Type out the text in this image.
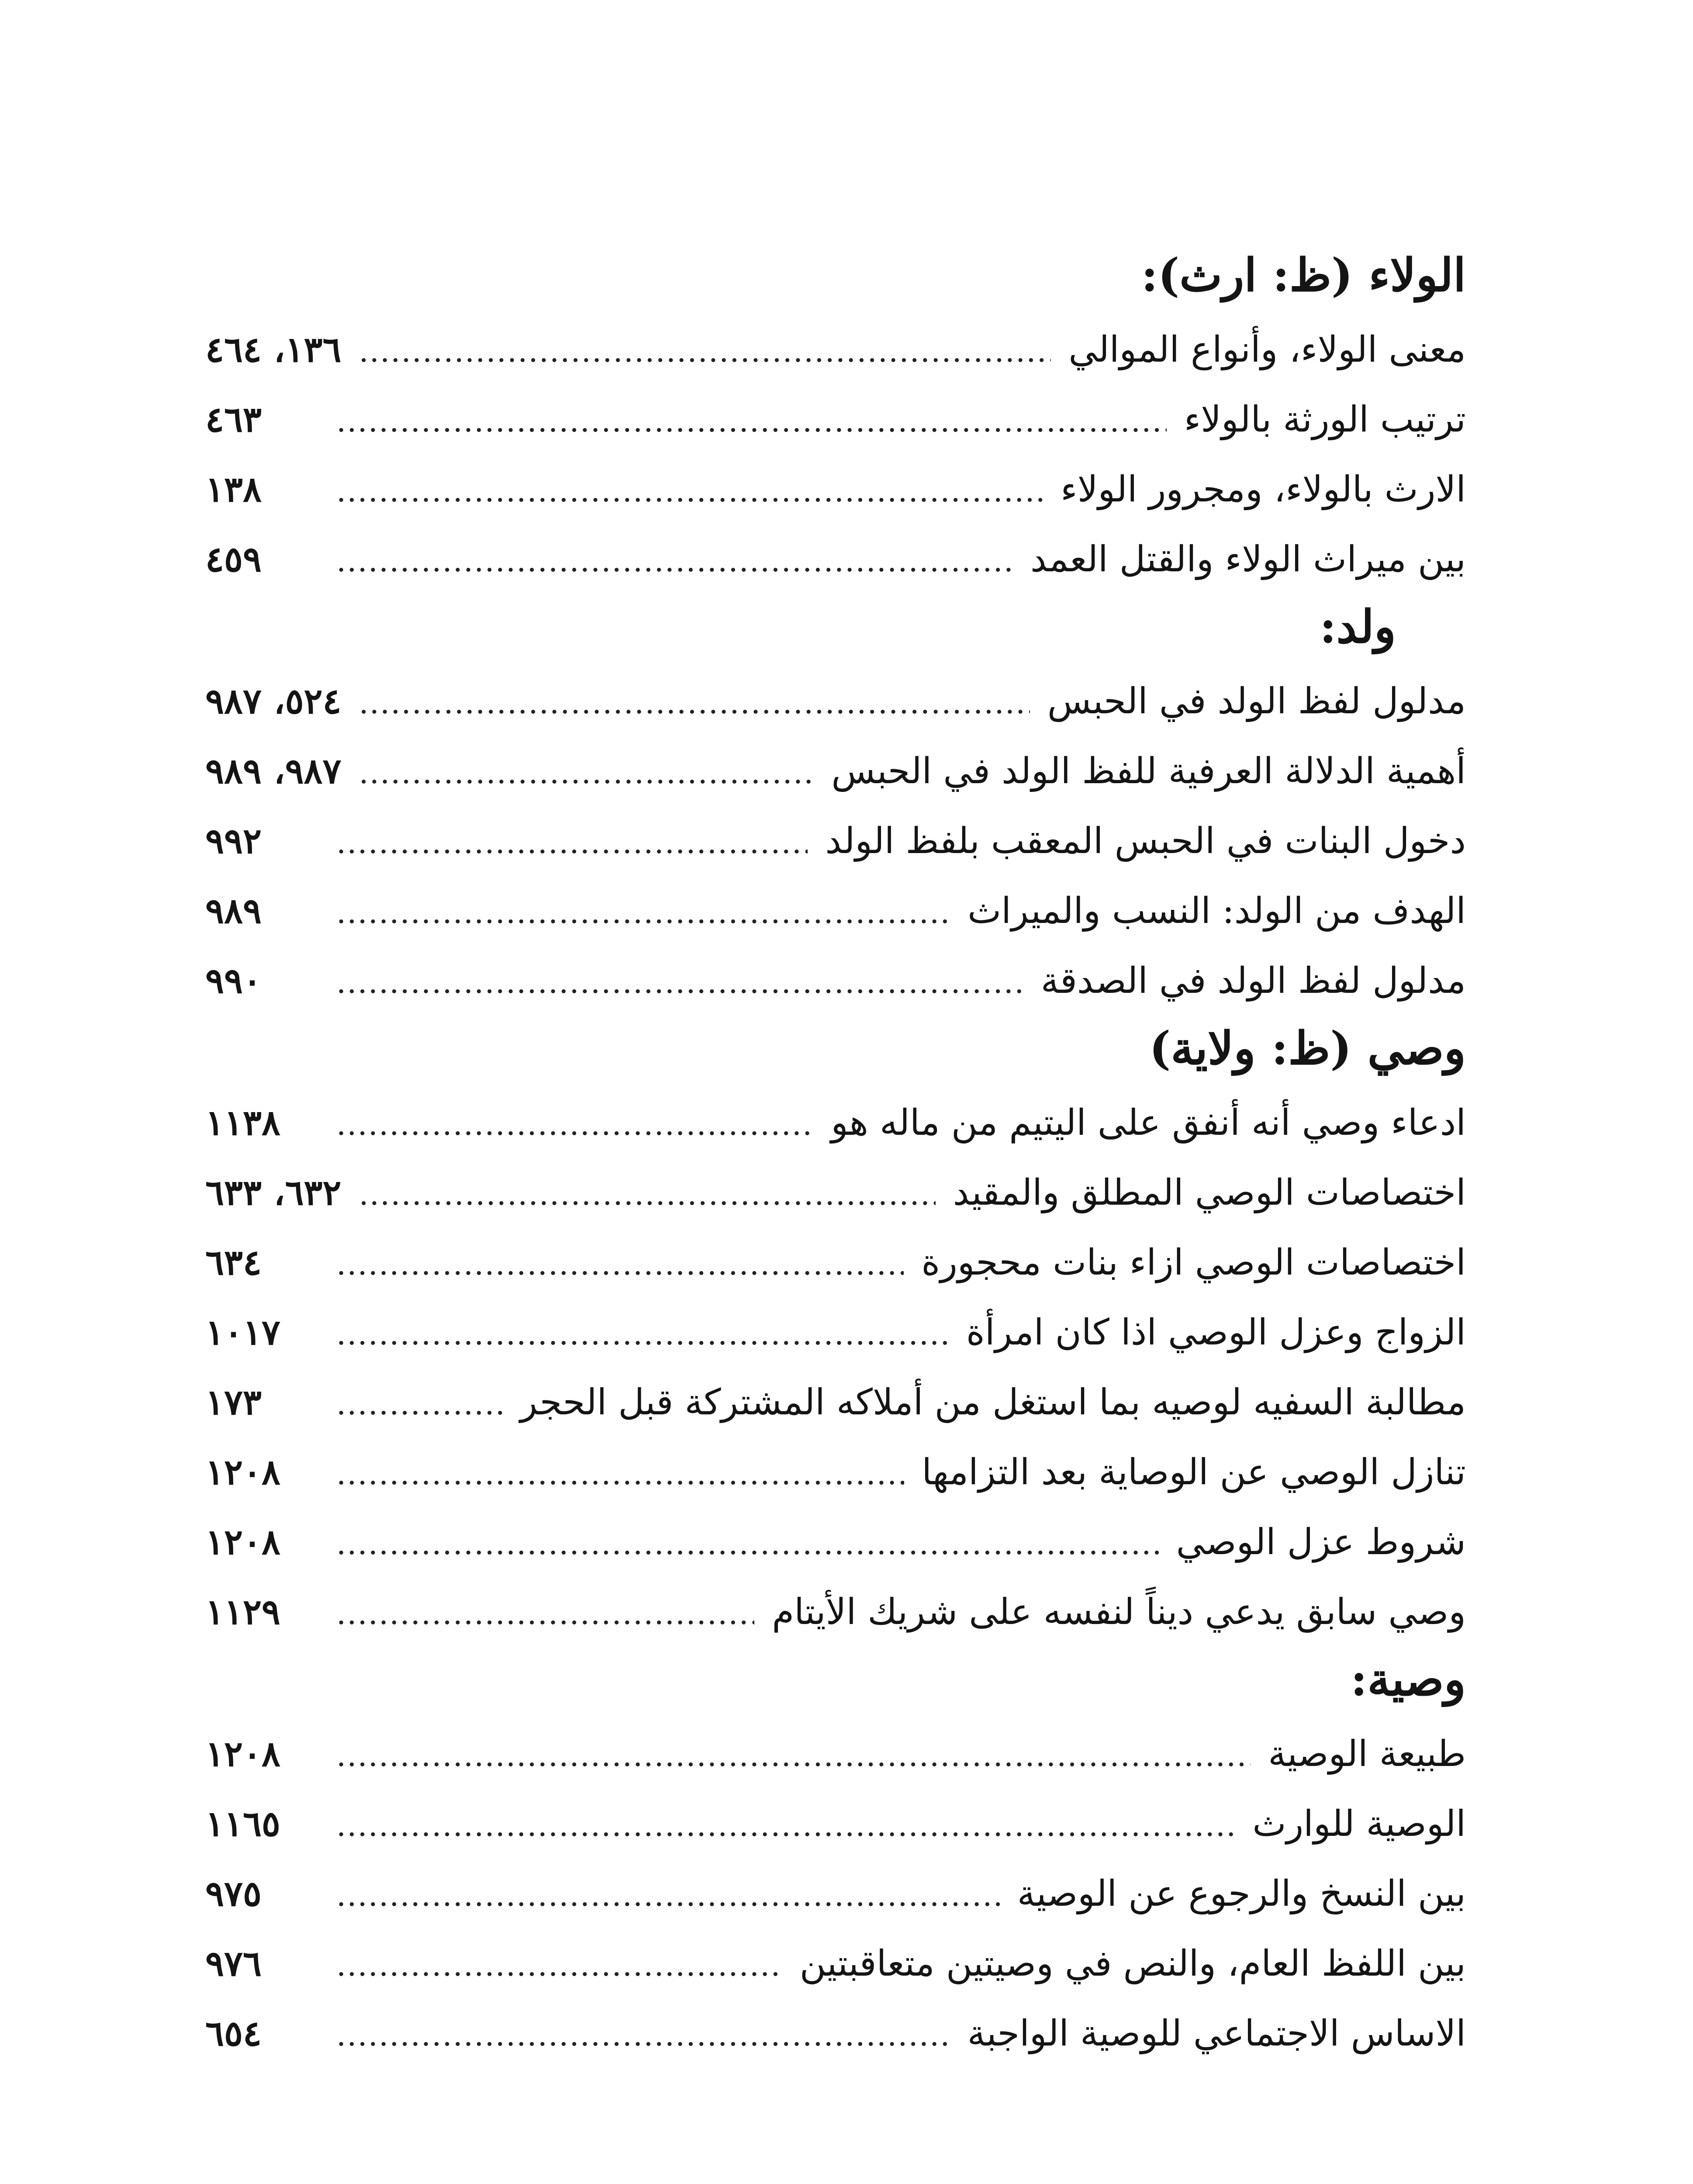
الولاء (ظ: ارث):
معنى الولاء، وأنواع الموالي
.....
١٣٦، ٤٦٤
ترتيب الورثة بالولاء
.....
٤٦٣
الارث بالولاء، ومجرور الولاء
.....
١٣٨
بين ميراث الولاء والقتل العمد
.....
٤٥٩
ولد:
مدلول لفظ الولد في الحبس
.....
٥٢٤، ٩٨٧
أهمية الدلالة العرفية للفظ الولد في الحبس
.....
٩٨٧، ٩٨٩
دخول البنات في الحبس المعقب بلفظ الولد
.....
٩٩٢
الهدف من الولد: النسب والميراث
.....
٩٨٩
مدلول لفظ الولد في الصدقة
.....
٩٩٠
وصي (ظ: ولاية)
ادعاء وصي أنه أنفق على اليتيم من ماله هو
.....
١١٣٨
اختصاصات الوصي المطلق والمقيد
.....
٦٣٢، ٦٣٣
اختصاصات الوصي ازاء بنات محجورة
.....
٦٣٤
الزواج وعزل الوصي اذا كان امرأة
.....
١٠١٧
مطالبة السفيه لوصيه بما استغل من أملاكه المشتركة قبل الحجر
.....
١٧٣
تنازل الوصي عن الوصاية بعد التزامها
.....
١٢٠٨
شروط عزل الوصي
.....
١٢٠٨
وصي سابق يدعي ديناً لنفسه على شريك الأيتام
.....
١١٢٩
وصية:
طبيعة الوصية
.....
١٢٠٨
الوصية للوارث
.....
١١٦٥
بين النسخ والرجوع عن الوصية
.....
٩٧٥
بين اللفظ العام، والنص في وصيتين متعاقبتين
.....
٩٧٦
الاساس الاجتماعي للوصية الواجبة
.....
٦٥٤
